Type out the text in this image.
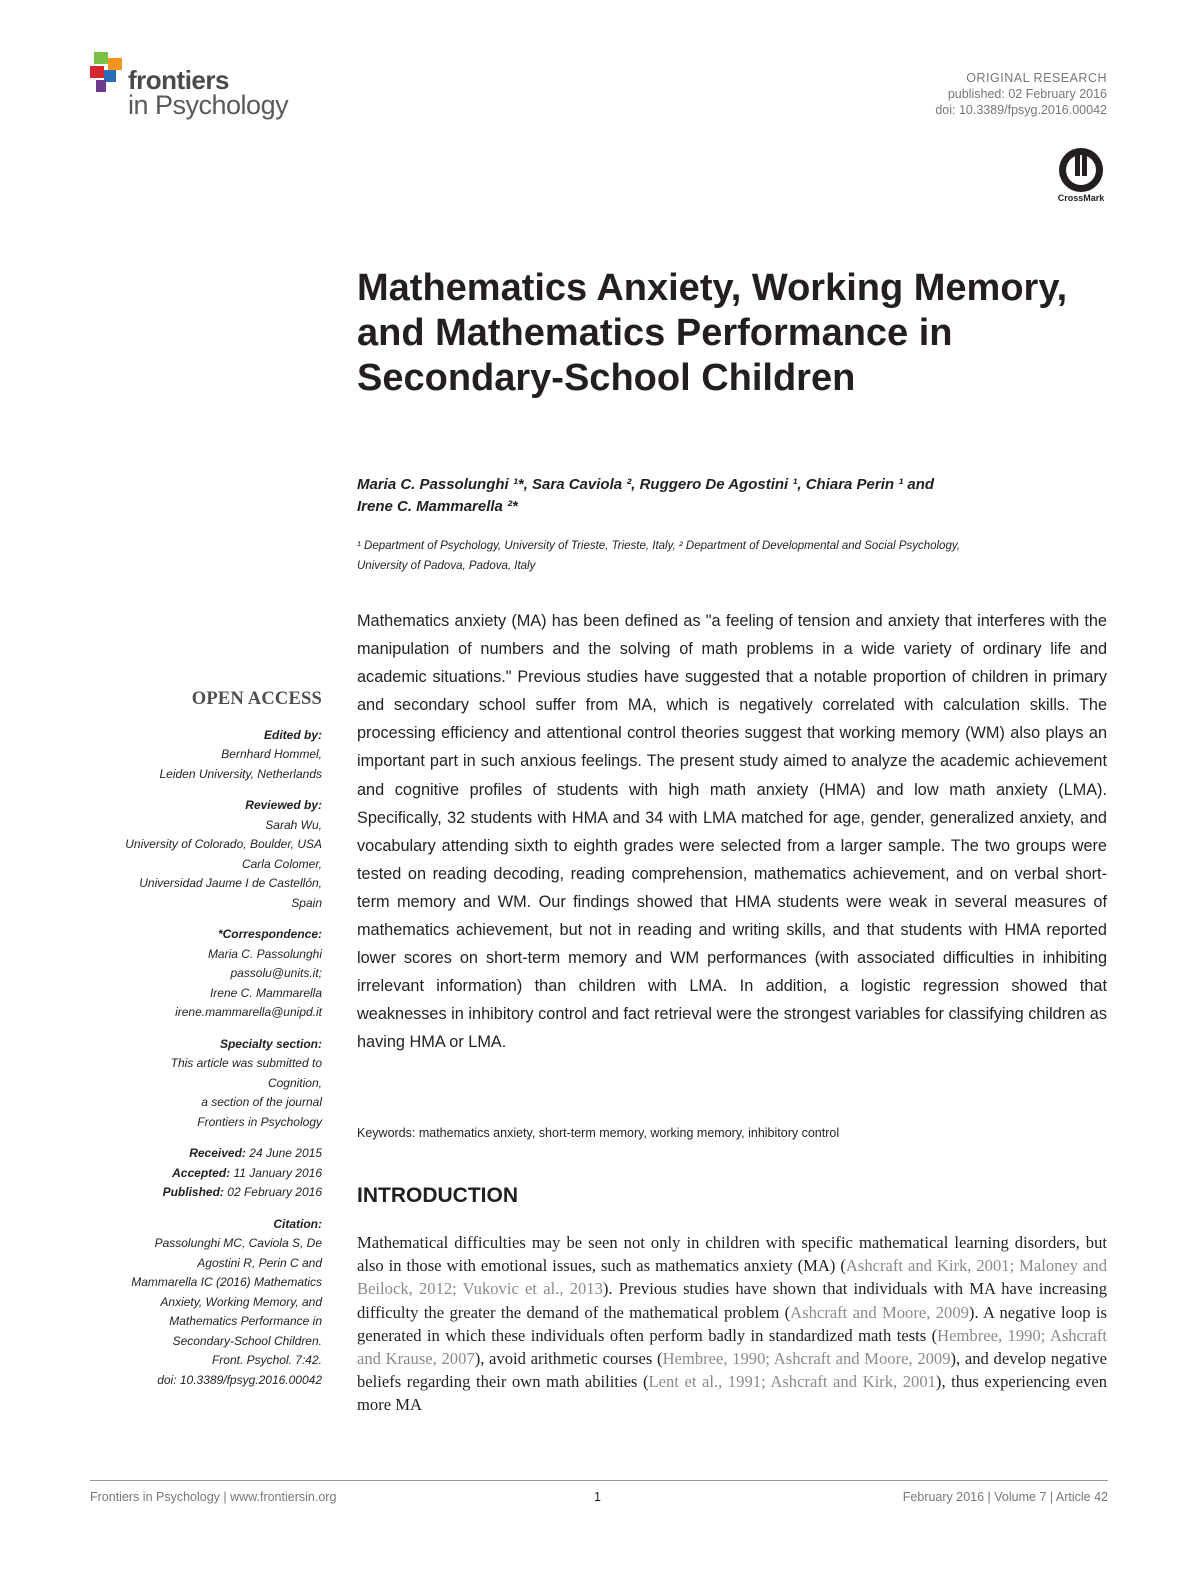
frontiers
in Psychology
ORIGINAL RESEARCH
published: 02 February 2016
doi: 10.3389/fpsyg.2016.00042
CrossMark
Mathematics Anxiety, Working Memory, and Mathematics Performance in Secondary-School Children
Maria C. Passolunghi ¹*, Sara Caviola ², Ruggero De Agostini ¹, Chiara Perin ¹ and
Irene C. Mammarella ²*
¹ Department of Psychology, University of Trieste, Trieste, Italy, ² Department of Developmental and Social Psychology,
University of Padova, Padova, Italy
Mathematics anxiety (MA) has been defined as "a feeling of tension and anxiety that interferes with the manipulation of numbers and the solving of math problems in a wide variety of ordinary life and academic situations." Previous studies have suggested that a notable proportion of children in primary and secondary school suffer from MA, which is negatively correlated with calculation skills. The processing efficiency and attentional control theories suggest that working memory (WM) also plays an important part in such anxious feelings. The present study aimed to analyze the academic achievement and cognitive profiles of students with high math anxiety (HMA) and low math anxiety (LMA). Specifically, 32 students with HMA and 34 with LMA matched for age, gender, generalized anxiety, and vocabulary attending sixth to eighth grades were selected from a larger sample. The two groups were tested on reading decoding, reading comprehension, mathematics achievement, and on verbal short-term memory and WM. Our findings showed that HMA students were weak in several measures of mathematics achievement, but not in reading and writing skills, and that students with HMA reported lower scores on short-term memory and WM performances (with associated difficulties in inhibiting irrelevant information) than children with LMA. In addition, a logistic regression showed that weaknesses in inhibitory control and fact retrieval were the strongest variables for classifying children as having HMA or LMA.
Keywords: mathematics anxiety, short-term memory, working memory, inhibitory control
INTRODUCTION
Mathematical difficulties may be seen not only in children with specific mathematical learning disorders, but also in those with emotional issues, such as mathematics anxiety (MA) (Ashcraft and Kirk, 2001; Maloney and Beilock, 2012; Vukovic et al., 2013). Previous studies have shown that individuals with MA have increasing difficulty the greater the demand of the mathematical problem (Ashcraft and Moore, 2009). A negative loop is generated in which these individuals often perform badly in standardized math tests (Hembree, 1990; Ashcraft and Krause, 2007), avoid arithmetic courses (Hembree, 1990; Ashcraft and Moore, 2009), and develop negative beliefs regarding their own math abilities (Lent et al., 1991; Ashcraft and Kirk, 2001), thus experiencing even more MA
OPEN ACCESS
Edited by:
Bernhard Hommel,
Leiden University, Netherlands
Reviewed by:
Sarah Wu,
University of Colorado, Boulder, USA
Carla Colomer,
Universidad Jaume I de Castellón,
Spain
*Correspondence:
Maria C. Passolunghi
passolu@units.it;
Irene C. Mammarella
irene.mammarella@unipd.it
Specialty section:
This article was submitted to
Cognition,
a section of the journal
Frontiers in Psychology
Received: 24 June 2015
Accepted: 11 January 2016
Published: 02 February 2016
Citation:
Passolunghi MC, Caviola S, De
Agostini R, Perin C and
Mammarella IC (2016) Mathematics
Anxiety, Working Memory, and
Mathematics Performance in
Secondary-School Children.
Front. Psychol. 7:42.
doi: 10.3389/fpsyg.2016.00042
Frontiers in Psychology | www.frontiersin.org	1	February 2016 | Volume 7 | Article 42
